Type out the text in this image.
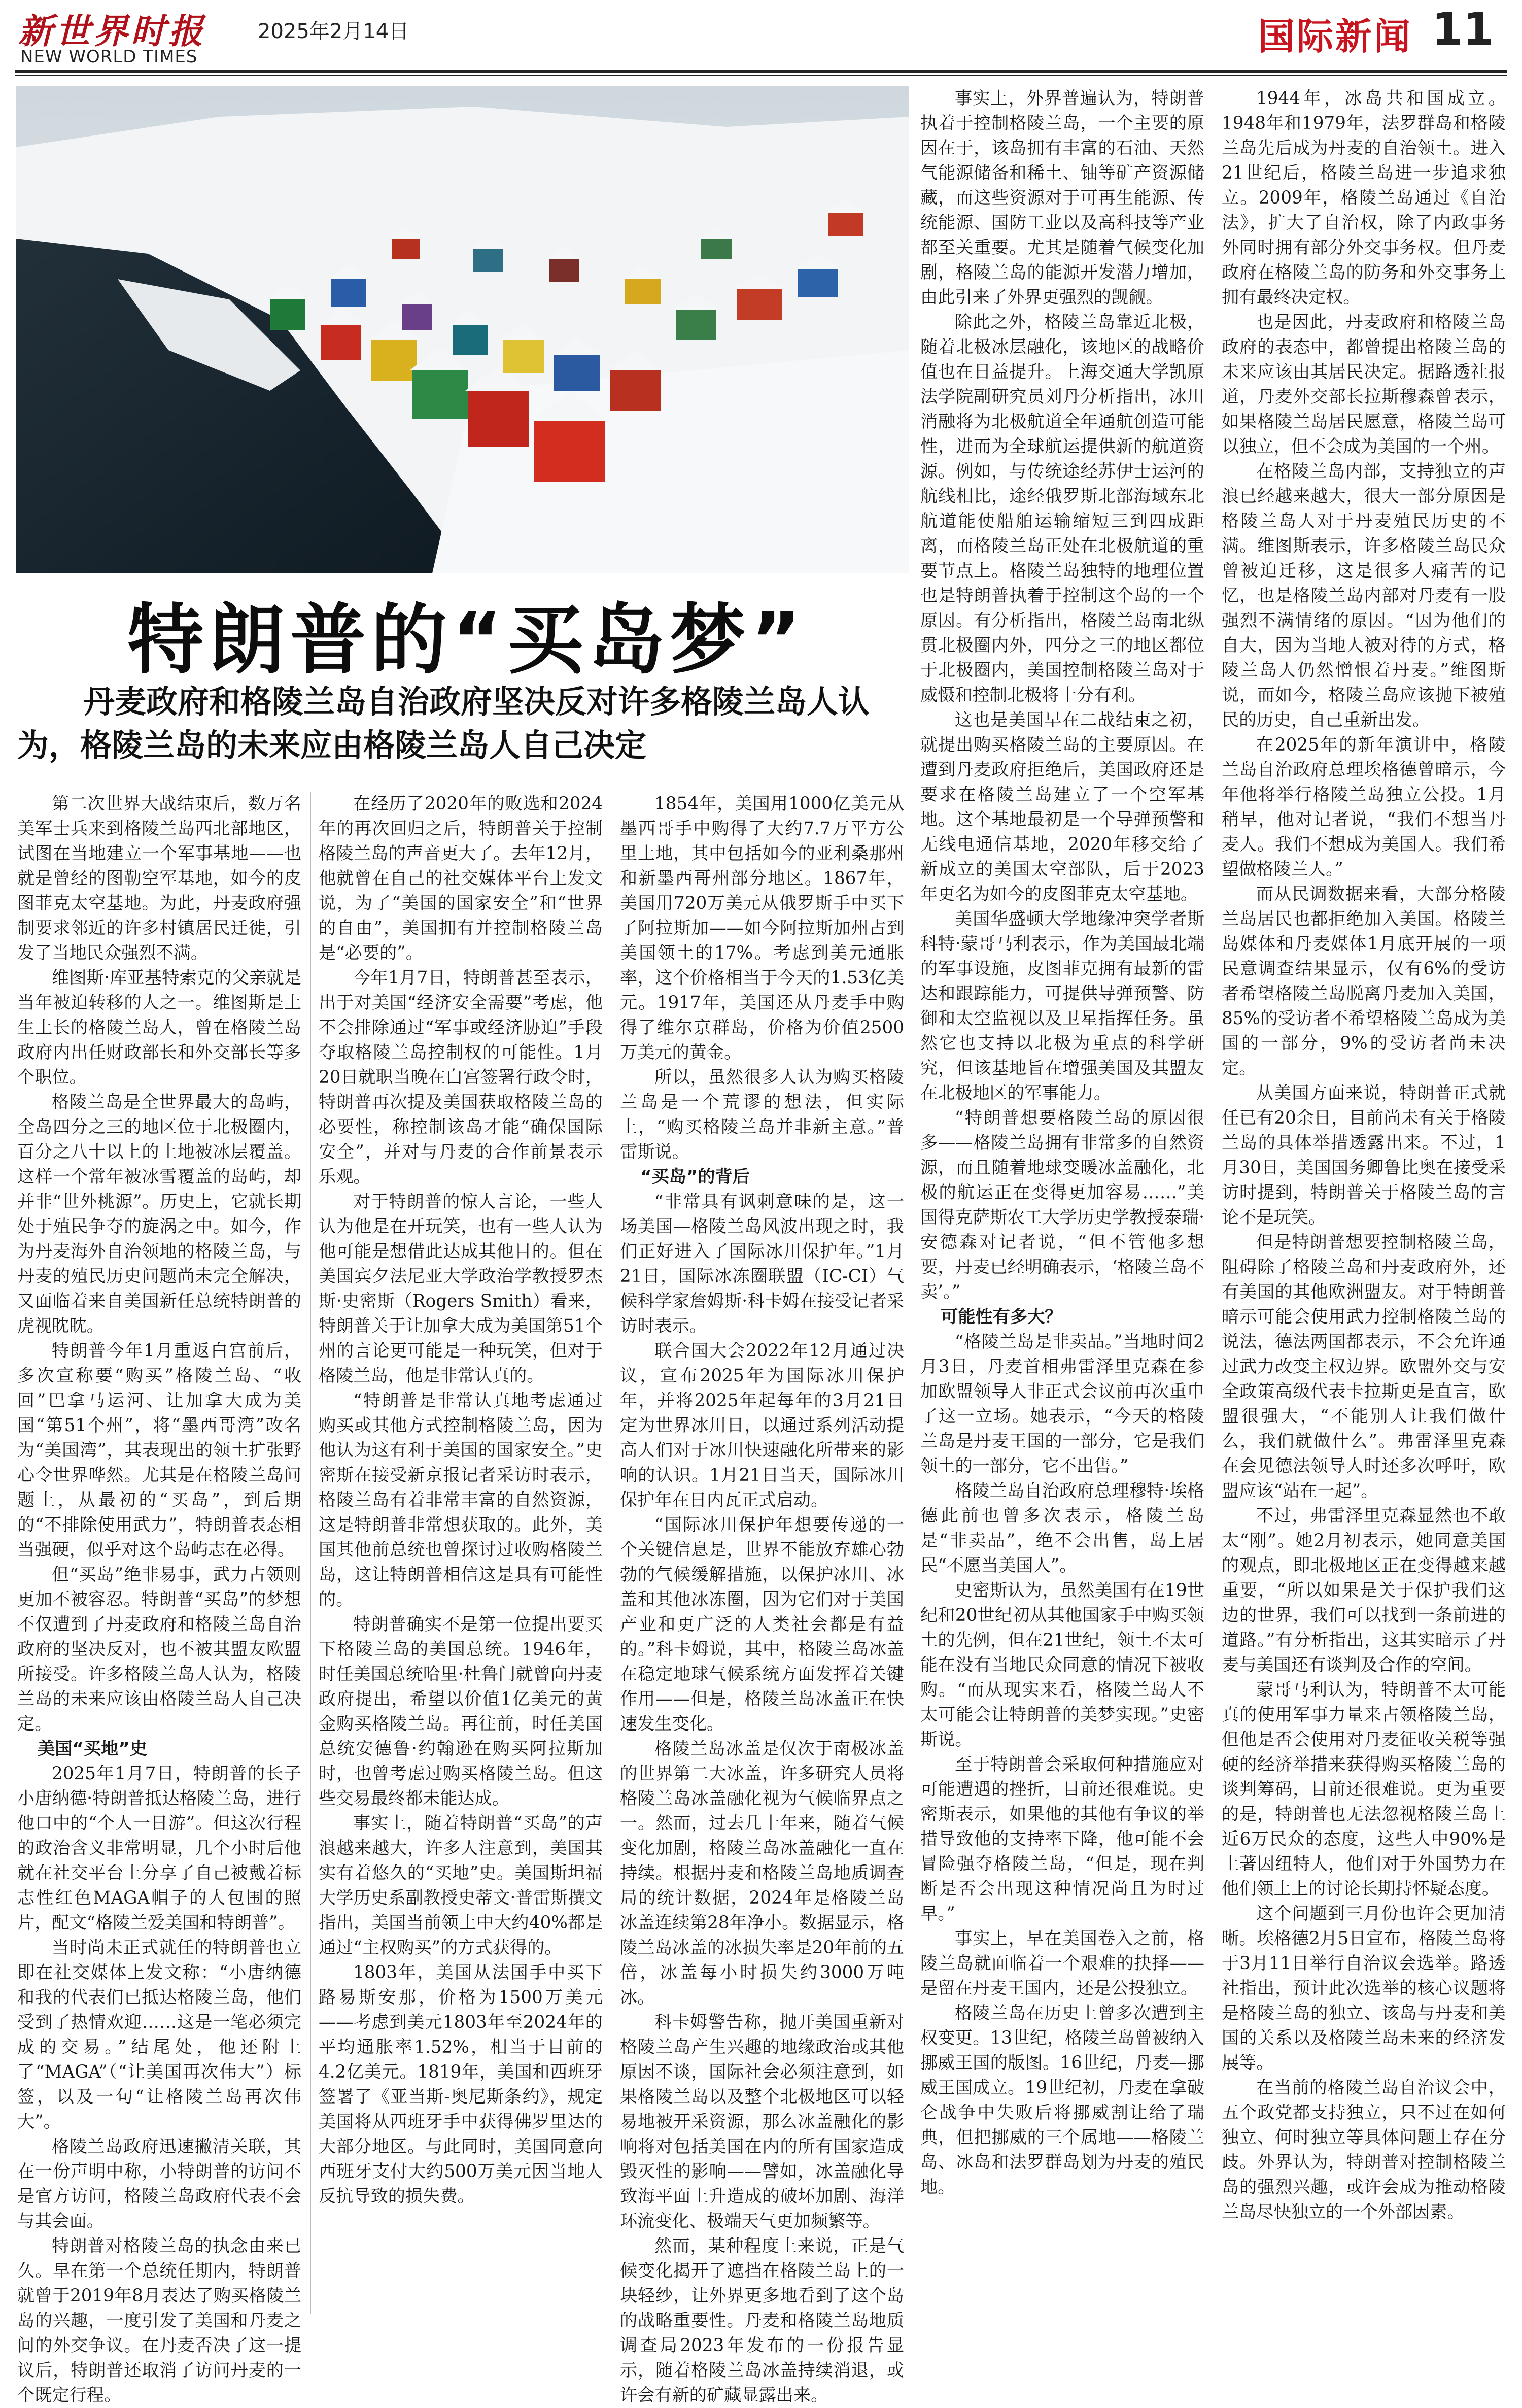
新世界时报
NEW WORLD TIMES
2025年2月14日	国际新闻 11
特朗普的“买岛梦”
丹麦政府和格陵兰岛自治政府坚决反对许多格陵兰岛人认为，格陵兰岛的未来应由格陵兰岛人自己决定

第二次世界大战结束后，数万名美军士兵来到格陵兰岛西北部地区，试图在当地建立一个军事基地——也就是曾经的图勒空军基地，如今的皮图菲克太空基地。为此，丹麦政府强制要求邻近的许多村镇居民迁徙，引发了当地民众强烈不满。

维图斯·库亚基特索克的父亲就是当年被迫转移的人之一。维图斯是土生土长的格陵兰岛人，曾在格陵兰岛政府内出任财政部长和外交部长等多个职位。

格陵兰岛是全世界最大的岛屿，全岛四分之三的地区位于北极圈内，百分之八十以上的土地被冰层覆盖。这样一个常年被冰雪覆盖的岛屿，却并非“世外桃源”。历史上，它就长期处于殖民争夺的旋涡之中。如今，作为丹麦海外自治领地的格陵兰岛，与丹麦的殖民历史问题尚未完全解决，又面临着来自美国新任总统特朗普的虎视眈眈。

特朗普今年1月重返白宫前后，多次宣称要“购买”格陵兰岛、“收回”巴拿马运河、让加拿大成为美国“第51个州”，将“墨西哥湾”改名为“美国湾”，其表现出的领土扩张野心令世界哗然。尤其是在格陵兰岛问题上，从最初的“买岛”，到后期的“不排除使用武力”，特朗普表态相当强硬，似乎对这个岛屿志在必得。

但“买岛”绝非易事，武力占领则更加不被容忍。特朗普“买岛”的梦想不仅遭到了丹麦政府和格陵兰岛自治政府的坚决反对，也不被其盟友欧盟所接受。许多格陵兰岛人认为，格陵兰岛的未来应该由格陵兰岛人自己决定。

美国“买地”史

2025年1月7日，特朗普的长子小唐纳德·特朗普抵达格陵兰岛，进行他口中的“个人一日游”。但这次行程的政治含义非常明显，几个小时后他就在社交平台上分享了自己被戴着标志性红色MAGA帽子的人包围的照片，配文“格陵兰爱美国和特朗普”。

当时尚未正式就任的特朗普也立即在社交媒体上发文称：“小唐纳德和我的代表们已抵达格陵兰岛，他们受到了热情欢迎……这是一笔必须完成的交易。”结尾处，他还附上了“MAGA”（“让美国再次伟大”）标签，以及一句“让格陵兰岛再次伟大”。

格陵兰岛政府迅速撇清关联，其在一份声明中称，小特朗普的访问不是官方访问，格陵兰岛政府代表不会与其会面。

特朗普对格陵兰岛的执念由来已久。早在第一个总统任期内，特朗普就曾于2019年8月表达了购买格陵兰岛的兴趣，一度引发了美国和丹麦之间的外交争议。在丹麦否决了这一提议后，特朗普还取消了访问丹麦的一个既定行程。

在经历了2020年的败选和2024年的再次回归之后，特朗普关于控制格陵兰岛的声音更大了。去年12月，他就曾在自己的社交媒体平台上发文说，为了“美国的国家安全”和“世界的自由”，美国拥有并控制格陵兰岛是“必要的”。

今年1月7日，特朗普甚至表示，出于对美国“经济安全需要”考虑，他不会排除通过“军事或经济胁迫”手段夺取格陵兰岛控制权的可能性。1月20日就职当晚在白宫签署行政令时，特朗普再次提及美国获取格陵兰岛的必要性，称控制该岛才能“确保国际安全”，并对与丹麦的合作前景表示乐观。

对于特朗普的惊人言论，一些人认为他是在开玩笑，也有一些人认为他可能是想借此达成其他目的。但在美国宾夕法尼亚大学政治学教授罗杰斯·史密斯（Rogers Smith）看来，特朗普关于让加拿大成为美国第51个州的言论更可能是一种玩笑，但对于格陵兰岛，他是非常认真的。

“特朗普是非常认真地考虑通过购买或其他方式控制格陵兰岛，因为他认为这有利于美国的国家安全。”史密斯在接受新京报记者采访时表示，格陵兰岛有着非常丰富的自然资源，这是特朗普非常想获取的。此外，美国其他前总统也曾探讨过收购格陵兰岛，这让特朗普相信这是具有可能性的。

特朗普确实不是第一位提出要买下格陵兰岛的美国总统。1946年，时任美国总统哈里·杜鲁门就曾向丹麦政府提出，希望以价值1亿美元的黄金购买格陵兰岛。再往前，时任美国总统安德鲁·约翰逊在购买阿拉斯加时，也曾考虑过购买格陵兰岛。但这些交易最终都未能达成。

事实上，随着特朗普“买岛”的声浪越来越大，许多人注意到，美国其实有着悠久的“买地”史。美国斯坦福大学历史系副教授史蒂文·普雷斯撰文指出，美国当前领土中大约40%都是通过“主权购买”的方式获得的。

1803年，美国从法国手中买下路易斯安那，价格为1500万美元——考虑到美元1803年至2024年的平均通胀率1.52%，相当于目前的4.2亿美元。1819年，美国和西班牙签署了《亚当斯-奥尼斯条约》，规定美国将从西班牙手中获得佛罗里达的大部分地区。与此同时，美国同意向西班牙支付大约500万美元因当地人反抗导致的损失费。

1854年，美国用1000亿美元从墨西哥手中购得了大约7.7万平方公里土地，其中包括如今的亚利桑那州和新墨西哥州部分地区。1867年，美国用720万美元从俄罗斯手中买下了阿拉斯加——如今阿拉斯加州占到美国领土的17%。考虑到美元通胀率，这个价格相当于今天的1.53亿美元。1917年，美国还从丹麦手中购得了维尔京群岛，价格为价值2500万美元的黄金。

所以，虽然很多人认为购买格陵兰岛是一个荒谬的想法，但实际上，“购买格陵兰岛并非新主意。”普雷斯说。

“买岛”的背后

“非常具有讽刺意味的是，这一场美国—格陵兰岛风波出现之时，我们正好进入了国际冰川保护年。”1月21日，国际冰冻圈联盟（IC-CI）气候科学家詹姆斯·科卡姆在接受记者采访时表示。

联合国大会2022年12月通过决议，宣布2025年为国际冰川保护年，并将2025年起每年的3月21日定为世界冰川日，以通过系列活动提高人们对于冰川快速融化所带来的影响的认识。1月21日当天，国际冰川保护年在日内瓦正式启动。

“国际冰川保护年想要传递的一个关键信息是，世界不能放弃雄心勃勃的气候缓解措施，以保护冰川、冰盖和其他冰冻圈，因为它们对于美国产业和更广泛的人类社会都是有益的。”科卡姆说，其中，格陵兰岛冰盖在稳定地球气候系统方面发挥着关键作用——但是，格陵兰岛冰盖正在快速发生变化。

格陵兰岛冰盖是仅次于南极冰盖的世界第二大冰盖，许多研究人员将格陵兰岛冰盖融化视为气候临界点之一。然而，过去几十年来，随着气候变化加剧，格陵兰岛冰盖融化一直在持续。根据丹麦和格陵兰岛地质调查局的统计数据，2024年是格陵兰岛冰盖连续第28年净小。数据显示，格陵兰岛冰盖的冰损失率是20年前的五倍，冰盖每小时损失约3000万吨冰。

科卡姆警告称，抛开美国重新对格陵兰岛产生兴趣的地缘政治或其他原因不谈，国际社会必须注意到，如果格陵兰岛以及整个北极地区可以轻易地被开采资源，那么冰盖融化的影响将对包括美国在内的所有国家造成毁灭性的影响——譬如，冰盖融化导致海平面上升造成的破坏加剧、海洋环流变化、极端天气更加频繁等。

然而，某种程度上来说，正是气候变化揭开了遮挡在格陵兰岛上的一块轻纱，让外界更多地看到了这个岛的战略重要性。丹麦和格陵兰岛地质调查局2023年发布的一份报告显示，随着格陵兰岛冰盖持续消退，或许会有新的矿藏显露出来。

事实上，外界普遍认为，特朗普执着于控制格陵兰岛，一个主要的原因在于，该岛拥有丰富的石油、天然气能源储备和稀土、铀等矿产资源储藏，而这些资源对于可再生能源、传统能源、国防工业以及高科技等产业都至关重要。尤其是随着气候变化加剧，格陵兰岛的能源开发潜力增加，由此引来了外界更强烈的觊觎。

除此之外，格陵兰岛靠近北极，随着北极冰层融化，该地区的战略价值也在日益提升。上海交通大学凯原法学院副研究员刘丹分析指出，冰川消融将为北极航道全年通航创造可能性，进而为全球航运提供新的航道资源。例如，与传统途经苏伊士运河的航线相比，途经俄罗斯北部海域东北航道能使船舶运输缩短三到四成距离，而格陵兰岛正处在北极航道的重要节点上。格陵兰岛独特的地理位置也是特朗普执着于控制这个岛的一个原因。有分析指出，格陵兰岛南北纵贯北极圈内外，四分之三的地区都位于北极圈内，美国控制格陵兰岛对于威慑和控制北极将十分有利。

这也是美国早在二战结束之初，就提出购买格陵兰岛的主要原因。在遭到丹麦政府拒绝后，美国政府还是要求在格陵兰岛建立了一个空军基地。这个基地最初是一个导弹预警和无线电通信基地，2020年移交给了新成立的美国太空部队，后于2023年更名为如今的皮图菲克太空基地。

美国华盛顿大学地缘冲突学者斯科特·蒙哥马利表示，作为美国最北端的军事设施，皮图菲克拥有最新的雷达和跟踪能力，可提供导弹预警、防御和太空监视以及卫星指挥任务。虽然它也支持以北极为重点的科学研究，但该基地旨在增强美国及其盟友在北极地区的军事能力。

“特朗普想要格陵兰岛的原因很多——格陵兰岛拥有非常多的自然资源，而且随着地球变暖冰盖融化，北极的航运正在变得更加容易……”美国得克萨斯农工大学历史学教授泰瑞·安德森对记者说，“但不管他多想要，丹麦已经明确表示，‘格陵兰岛不卖’。”

可能性有多大？

“格陵兰岛是非卖品。”当地时间2月3日，丹麦首相弗雷泽里克森在参加欧盟领导人非正式会议前再次重申了这一立场。她表示，“今天的格陵兰岛是丹麦王国的一部分，它是我们领土的一部分，它不出售。”

格陵兰岛自治政府总理穆特·埃格德此前也曾多次表示，格陵兰岛是“非卖品”，绝不会出售，岛上居民“不愿当美国人”。

史密斯认为，虽然美国有在19世纪和20世纪初从其他国家手中购买领土的先例，但在21世纪，领土不太可能在没有当地民众同意的情况下被收购。“而从现实来看，格陵兰岛人不太可能会让特朗普的美梦实现。”史密斯说。

至于特朗普会采取何种措施应对可能遭遇的挫折，目前还很难说。史密斯表示，如果他的其他有争议的举措导致他的支持率下降，他可能不会冒险强夺格陵兰岛，“但是，现在判断是否会出现这种情况尚且为时过早。”

事实上，早在美国卷入之前，格陵兰岛就面临着一个艰难的抉择——是留在丹麦王国内，还是公投独立。

格陵兰岛在历史上曾多次遭到主权变更。13世纪，格陵兰岛曾被纳入挪威王国的版图。16世纪，丹麦—挪威王国成立。19世纪初，丹麦在拿破仑战争中失败后将挪威割让给了瑞典，但把挪威的三个属地——格陵兰岛、冰岛和法罗群岛划为丹麦的殖民地。

1944年，冰岛共和国成立。1948年和1979年，法罗群岛和格陵兰岛先后成为丹麦的自治领土。进入21世纪后，格陵兰岛进一步追求独立。2009年，格陵兰岛通过《自治法》，扩大了自治权，除了内政事务外同时拥有部分外交事务权。但丹麦政府在格陵兰岛的防务和外交事务上拥有最终决定权。

也是因此，丹麦政府和格陵兰岛政府的表态中，都曾提出格陵兰岛的未来应该由其居民决定。据路透社报道，丹麦外交部长拉斯穆森曾表示，如果格陵兰岛居民愿意，格陵兰岛可以独立，但不会成为美国的一个州。

在格陵兰岛内部，支持独立的声浪已经越来越大，很大一部分原因是格陵兰岛人对于丹麦殖民历史的不满。维图斯表示，许多格陵兰岛民众曾被迫迁移，这是很多人痛苦的记忆，也是格陵兰岛内部对丹麦有一股强烈不满情绪的原因。“因为他们的自大，因为当地人被对待的方式，格陵兰岛人仍然憎恨着丹麦。”维图斯说，而如今，格陵兰岛应该抛下被殖民的历史，自己重新出发。

在2025年的新年演讲中，格陵兰岛自治政府总理埃格德曾暗示，今年他将举行格陵兰岛独立公投。1月稍早，他对记者说，“我们不想当丹麦人。我们不想成为美国人。我们希望做格陵兰人。”

而从民调数据来看，大部分格陵兰岛居民也都拒绝加入美国。格陵兰岛媒体和丹麦媒体1月底开展的一项民意调查结果显示，仅有6%的受访者希望格陵兰岛脱离丹麦加入美国，85%的受访者不希望格陵兰岛成为美国的一部分，9%的受访者尚未决定。

从美国方面来说，特朗普正式就任已有20余日，目前尚未有关于格陵兰岛的具体举措透露出来。不过，1月30日，美国国务卿鲁比奥在接受采访时提到，特朗普关于格陵兰岛的言论不是玩笑。

但是特朗普想要控制格陵兰岛，阻碍除了格陵兰岛和丹麦政府外，还有美国的其他欧洲盟友。对于特朗普暗示可能会使用武力控制格陵兰岛的说法，德法两国都表示，不会允许通过武力改变主权边界。欧盟外交与安全政策高级代表卡拉斯更是直言，欧盟很强大，“不能别人让我们做什么，我们就做什么”。弗雷泽里克森在会见德法领导人时还多次呼吁，欧盟应该“站在一起”。

不过，弗雷泽里克森显然也不敢太“刚”。她2月初表示，她同意美国的观点，即北极地区正在变得越来越重要，“所以如果是关于保护我们这边的世界，我们可以找到一条前进的道路。”有分析指出，这其实暗示了丹麦与美国还有谈判及合作的空间。

蒙哥马利认为，特朗普不太可能真的使用军事力量来占领格陵兰岛，但他是否会使用对丹麦征收关税等强硬的经济举措来获得购买格陵兰岛的谈判筹码，目前还很难说。更为重要的是，特朗普也无法忽视格陵兰岛上近6万民众的态度，这些人中90%是土著因纽特人，他们对于外国势力在他们领土上的讨论长期持怀疑态度。

这个问题到三月份也许会更加清晰。埃格德2月5日宣布，格陵兰岛将于3月11日举行自治议会选举。路透社指出，预计此次选举的核心议题将是格陵兰岛的独立、该岛与丹麦和美国的关系以及格陵兰岛未来的经济发展等。

在当前的格陵兰岛自治议会中，五个政党都支持独立，只不过在如何独立、何时独立等具体问题上存在分歧。外界认为，特朗普对控制格陵兰岛的强烈兴趣，或许会成为推动格陵兰岛尽快独立的一个外部因素。
